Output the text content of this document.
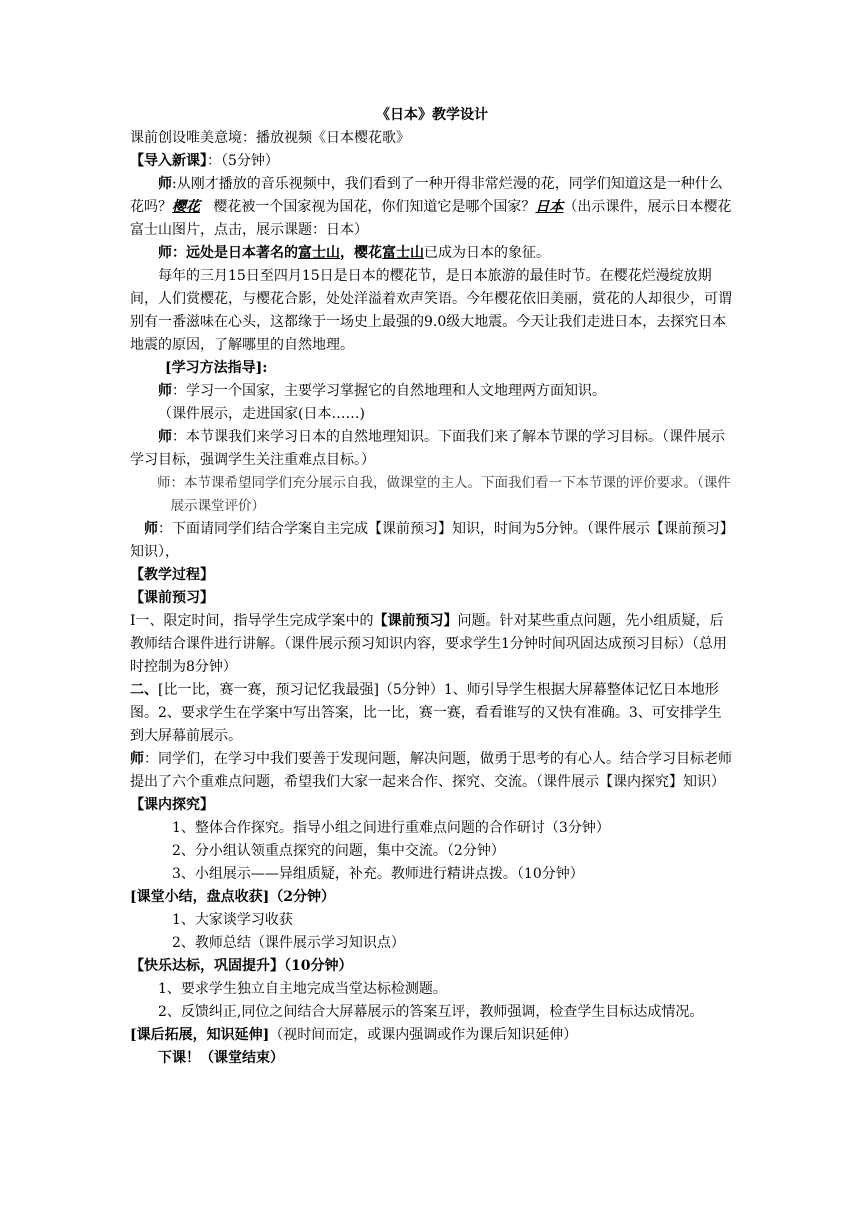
《日本》教学设计

课前创设唯美意境：播放视频《日本樱花歌》

【导入新课】：（5分钟）

师:从刚才播放的音乐视频中，我们看到了一种开得非常烂漫的花，同学们知道这是一种什么花吗？樱花   樱花被一个国家视为国花，你们知道它是哪个国家？日本（出示课件，展示日本樱花富士山图片，点击，展示课题：日本）

师：远处是日本著名的富士山，樱花富士山已成为日本的象征。

每年的三月15日至四月15日是日本的樱花节，是日本旅游的最佳时节。在樱花烂漫绽放期间，人们赏樱花，与樱花合影，处处洋溢着欢声笑语。今年樱花依旧美丽，赏花的人却很少，可谓别有一番滋味在心头，这都缘于一场史上最强的9.0级大地震。今天让我们走进日本，去探究日本地震的原因，了解哪里的自然地理。

[学习方法指导]:

师：学习一个国家，主要学习掌握它的自然地理和人文地理两方面知识。

（课件展示，走进国家(日本……)

师：本节课我们来学习日本的自然地理知识。下面我们来了解本节课的学习目标。（课件展示学习目标，强调学生关注重难点目标。）

师：本节课希望同学们充分展示自我，做课堂的主人。下面我们看一下本节课的评价要求。（课件展示课堂评价）

师：下面请同学们结合学案自主完成【课前预习】知识，时间为5分钟。（课件展示【课前预习】知识），

【教学过程】

【课前预习】

Ⅰ一、限定时间，指导学生完成学案中的【课前预习】问题。针对某些重点问题，先小组质疑，后教师结合课件进行讲解。（课件展示预习知识内容，要求学生1分钟时间巩固达成预习目标）（总用时控制为8分钟）

二、[比一比，赛一赛，预习记忆我最强]（5分钟）1、师引导学生根据大屏幕整体记忆日本地形图。2、要求学生在学案中写出答案，比一比，赛一赛，看看谁写的又快有准确。3、可安排学生到大屏幕前展示。

师：同学们，在学习中我们要善于发现问题，解决问题，做勇于思考的有心人。结合学习目标老师提出了六个重难点问题，希望我们大家一起来合作、探究、交流。（课件展示【课内探究】知识）

【课内探究】

1、整体合作探究。指导小组之间进行重难点问题的合作研讨（3分钟）

2、分小组认领重点探究的问题，集中交流。（2分钟）

3、小组展示——异组质疑，补充。教师进行精讲点拨。（10分钟）

[课堂小结，盘点收获]（2分钟）

1、大家谈学习收获

2、教师总结（课件展示学习知识点）

【快乐达标，巩固提升】（10分钟）

1、要求学生独立自主地完成当堂达标检测题。

2、反馈纠正,同位之间结合大屏幕展示的答案互评，教师强调，检查学生目标达成情况。

[课后拓展，知识延伸]（视时间而定，或课内强调或作为课后知识延伸）

下课！（课堂结束）
